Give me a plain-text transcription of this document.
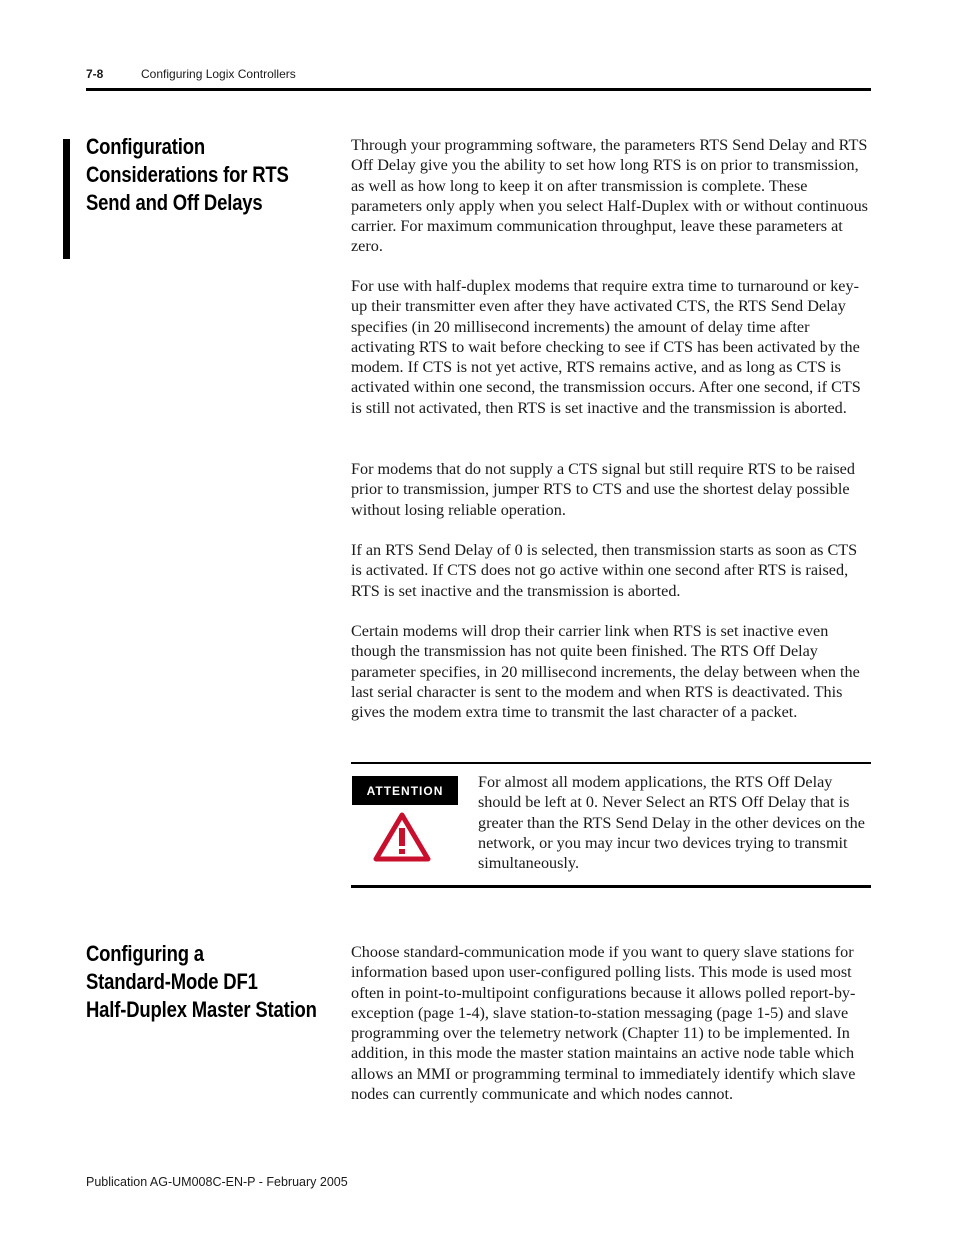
7-8	Configuring Logix Controllers
Configuration
Considerations for RTS
Send and Off Delays

Through your programming software, the parameters RTS Send Delay and RTS Off Delay give you the ability to set how long RTS is on prior to transmission, as well as how long to keep it on after transmission is complete. These parameters only apply when you select Half-Duplex with or without continuous carrier. For maximum communication throughput, leave these parameters at zero.

For use with half-duplex modems that require extra time to turnaround or key-up their transmitter even after they have activated CTS, the RTS Send Delay specifies (in 20 millisecond increments) the amount of delay time after activating RTS to wait before checking to see if CTS has been activated by the modem. If CTS is not yet active, RTS remains active, and as long as CTS is activated within one second, the transmission occurs. After one second, if CTS is still not activated, then RTS is set inactive and the transmission is aborted.

For modems that do not supply a CTS signal but still require RTS to be raised prior to transmission, jumper RTS to CTS and use the shortest delay possible without losing reliable operation.

If an RTS Send Delay of 0 is selected, then transmission starts as soon as CTS is activated. If CTS does not go active within one second after RTS is raised, RTS is set inactive and the transmission is aborted.

Certain modems will drop their carrier link when RTS is set inactive even though the transmission has not quite been finished. The RTS Off Delay parameter specifies, in 20 millisecond increments, the delay between when the last serial character is sent to the modem and when RTS is deactivated. This gives the modem extra time to transmit the last character of a packet.

ATTENTION	For almost all modem applications, the RTS Off Delay should be left at 0. Never Select an RTS Off Delay that is greater than the RTS Send Delay in the other devices on the network, or you may incur two devices trying to transmit simultaneously.

Configuring a
Standard-Mode DF1
Half-Duplex Master Station

Choose standard-communication mode if you want to query slave stations for information based upon user-configured polling lists. This mode is used most often in point-to-multipoint configurations because it allows polled report-by-exception (page 1-4), slave station-to-station messaging (page 1-5) and slave programming over the telemetry network (Chapter 11) to be implemented. In addition, in this mode the master station maintains an active node table which allows an MMI or programming terminal to immediately identify which slave nodes can currently communicate and which nodes cannot.

Publication AG-UM008C-EN-P - February 2005
